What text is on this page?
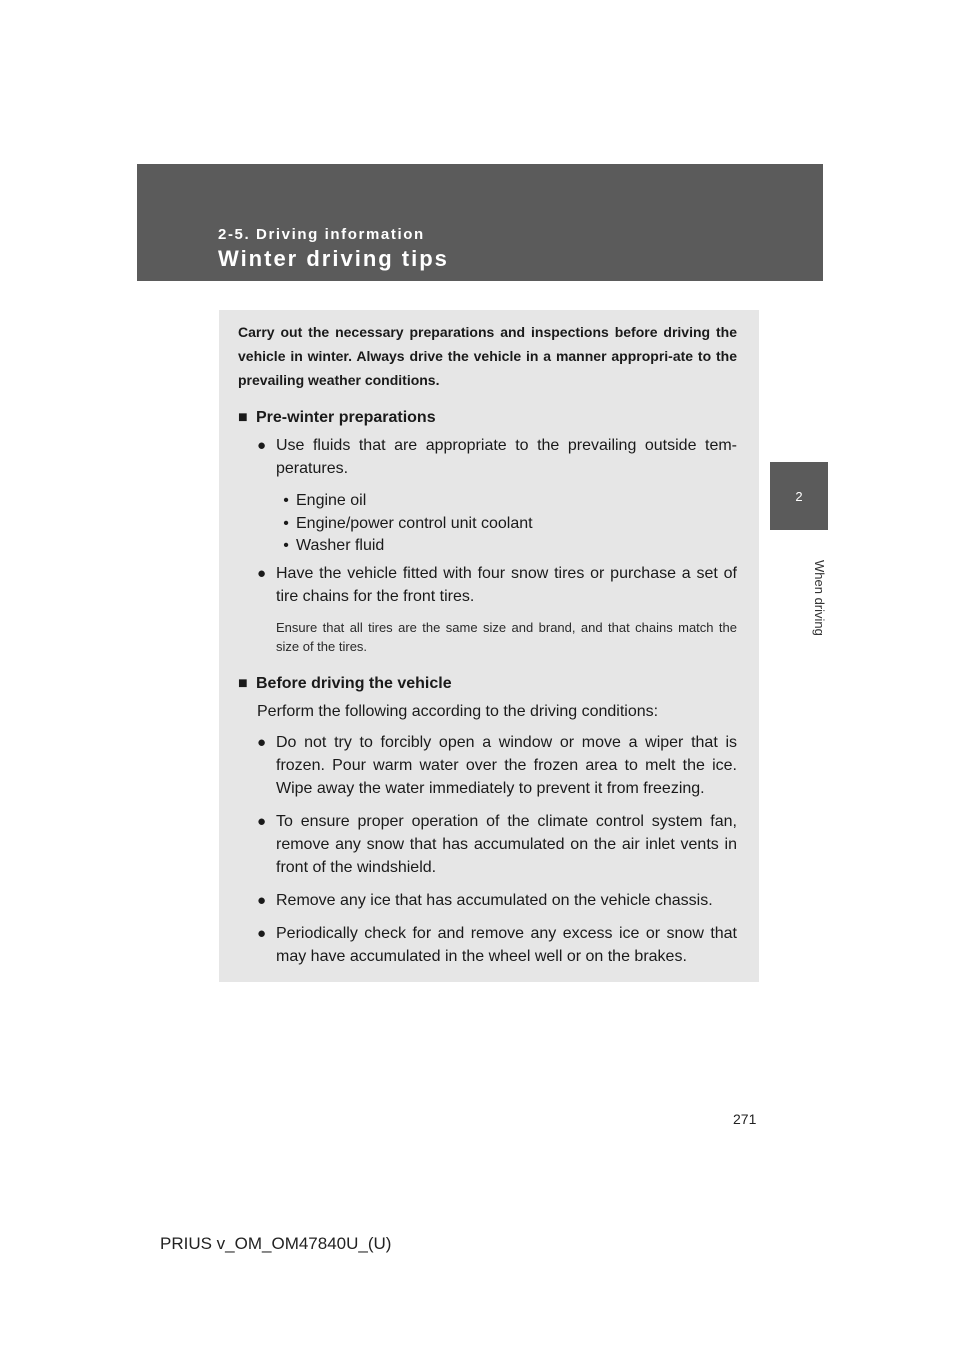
2-5. Driving information
Winter driving tips
2
When driving

Carry out the necessary preparations and inspections before driving the vehicle in winter. Always drive the vehicle in a manner appropri-ate to the prevailing weather conditions.

■ Pre-winter preparations
● Use fluids that are appropriate to the prevailing outside tem-peratures.
• Engine oil
• Engine/power control unit coolant
• Washer fluid
● Have the vehicle fitted with four snow tires or purchase a set of tire chains for the front tires.

Ensure that all tires are the same size and brand, and that chains match the size of the tires.

■ Before driving the vehicle

Perform the following according to the driving conditions:

● Do not try to forcibly open a window or move a wiper that is frozen. Pour warm water over the frozen area to melt the ice. Wipe away the water immediately to prevent it from freezing.
● To ensure proper operation of the climate control system fan, remove any snow that has accumulated on the air inlet vents in front of the windshield.
● Remove any ice that has accumulated on the vehicle chassis.
● Periodically check for and remove any excess ice or snow that may have accumulated in the wheel well or on the brakes.
271
PRIUS v_OM_OM47840U_(U)
